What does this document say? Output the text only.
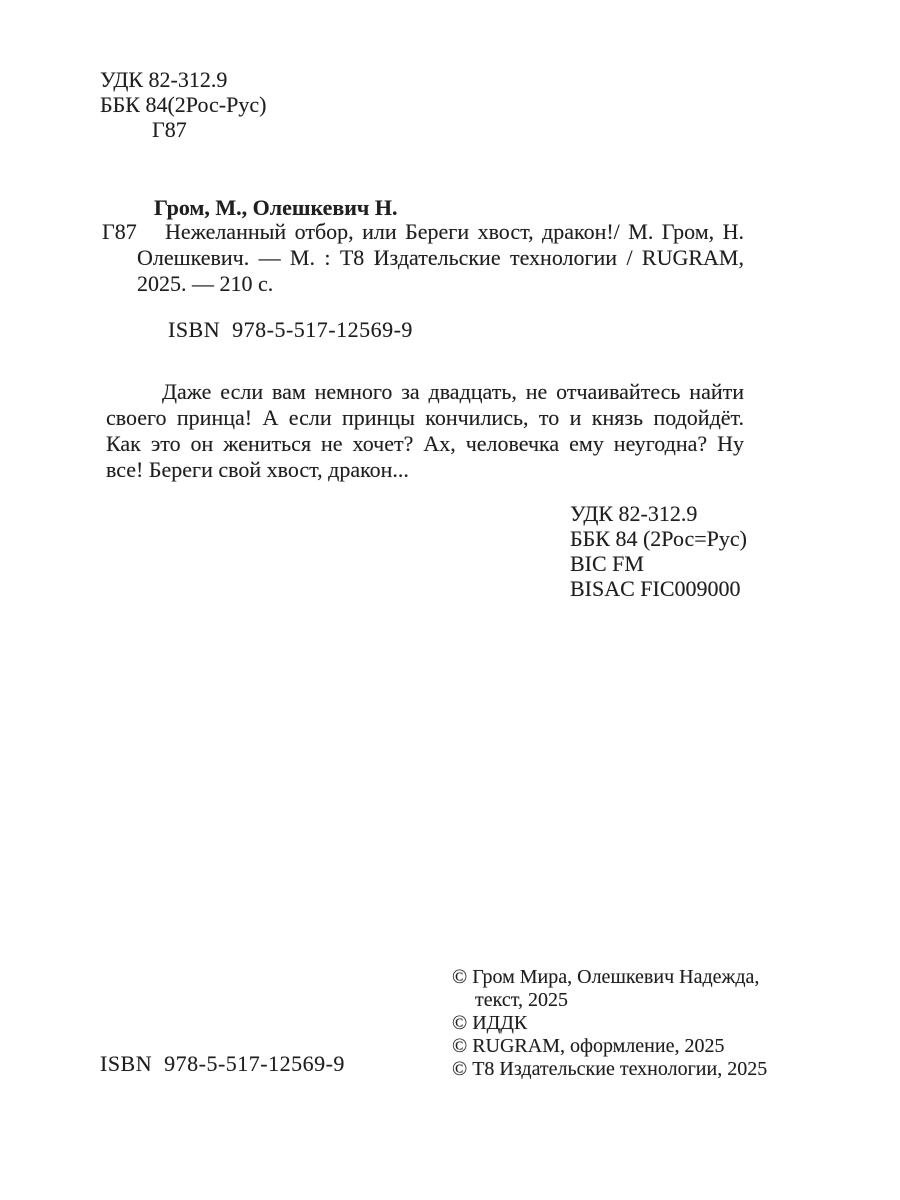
УДК 82-312.9
ББК 84(2Рос-Рус)
Г87
Гром, М., Олешкевич Н.
Г87	Нежеланный отбор, или Береги хвост, дракон!/ М. Гром, Н.
Олешкевич. — М. : Т8 Издательские технологии / RUGRAM,
2025. — 210 с.
ISBN  978-5-517-12569-9
Даже если вам немного за двадцать, не отчаивайтесь найти
своего принца! А если принцы кончились, то и князь подойдёт.
Как это он жениться не хочет? Ах, человечка ему неугодна? Ну
все! Береги свой хвост, дракон...
УДК 82-312.9
ББК 84 (2Рос=Рус)
BIC FM
BISAC FIC009000
© Гром Мира, Олешкевич Надежда,
текст, 2025
© ИДДК
© RUGRAM, оформление, 2025
© Т8 Издательские технологии, 2025
ISBN  978-5-517-12569-9
